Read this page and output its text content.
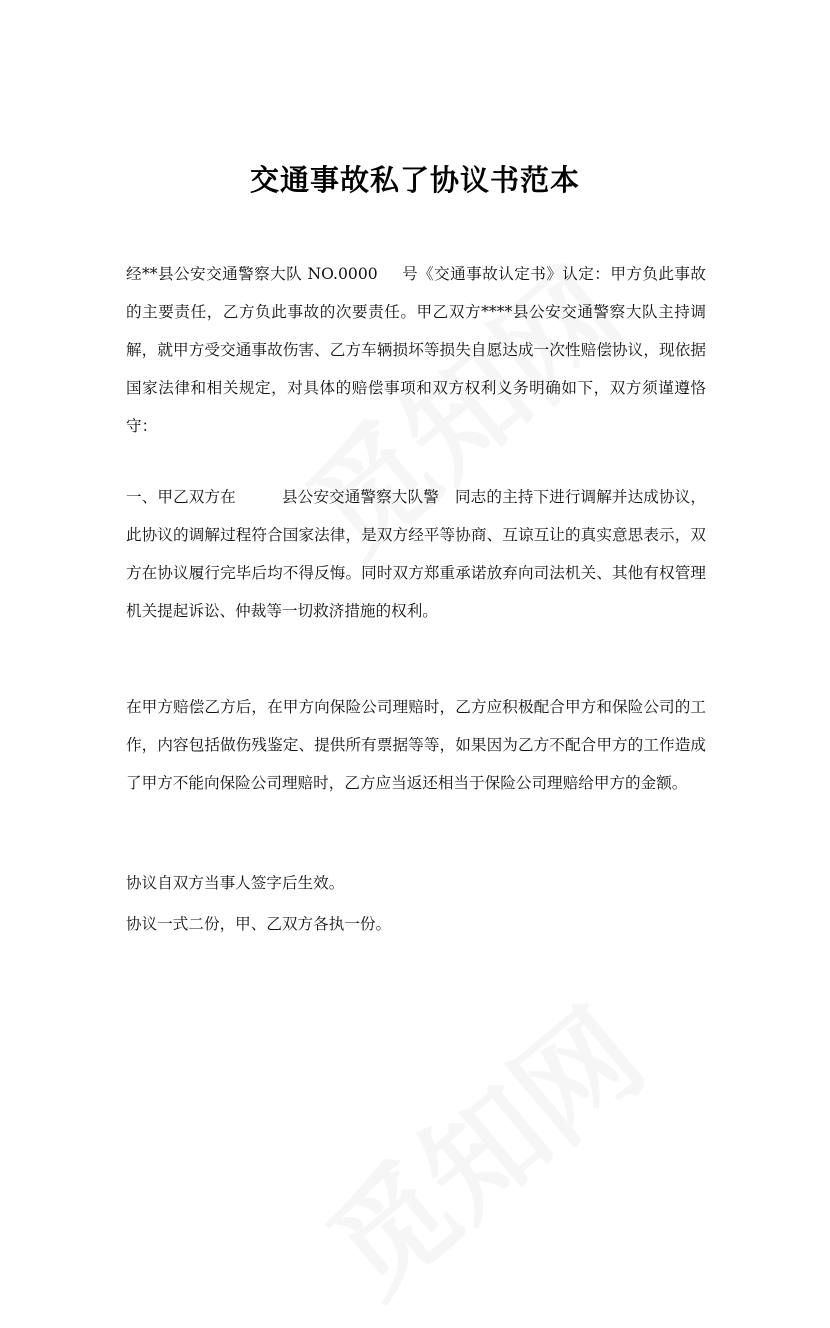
交通事故私了协议书范本

经**县公安交通警察大队 NO.0000 号《交通事故认定书》认定：甲方负此事故的主要责任，乙方负此事故的次要责任。甲乙双方****县公安交通警察大队主持调解，就甲方受交通事故伤害、乙方车辆损坏等损失自愿达成一次性赔偿协议，现依据国家法律和相关规定，对具体的赔偿事项和双方权利义务明确如下，双方须谨遵恪守：

一、甲乙双方在	县公安交通警察大队警 同志的主持下进行调解并达成协议，此协议的调解过程符合国家法律，是双方经平等协商、互谅互让的真实意思表示，双方在协议履行完毕后均不得反悔。同时双方郑重承诺放弃向司法机关、其他有权管理机关提起诉讼、仲裁等一切救济措施的权利。

在甲方赔偿乙方后，在甲方向保险公司理赔时，乙方应积极配合甲方和保险公司的工作，内容包括做伤残鉴定、提供所有票据等等，如果因为乙方不配合甲方的工作造成了甲方不能向保险公司理赔时，乙方应当返还相当于保险公司理赔给甲方的金额。

协议自双方当事人签字后生效。

协议一式二份，甲、乙双方各执一份。
